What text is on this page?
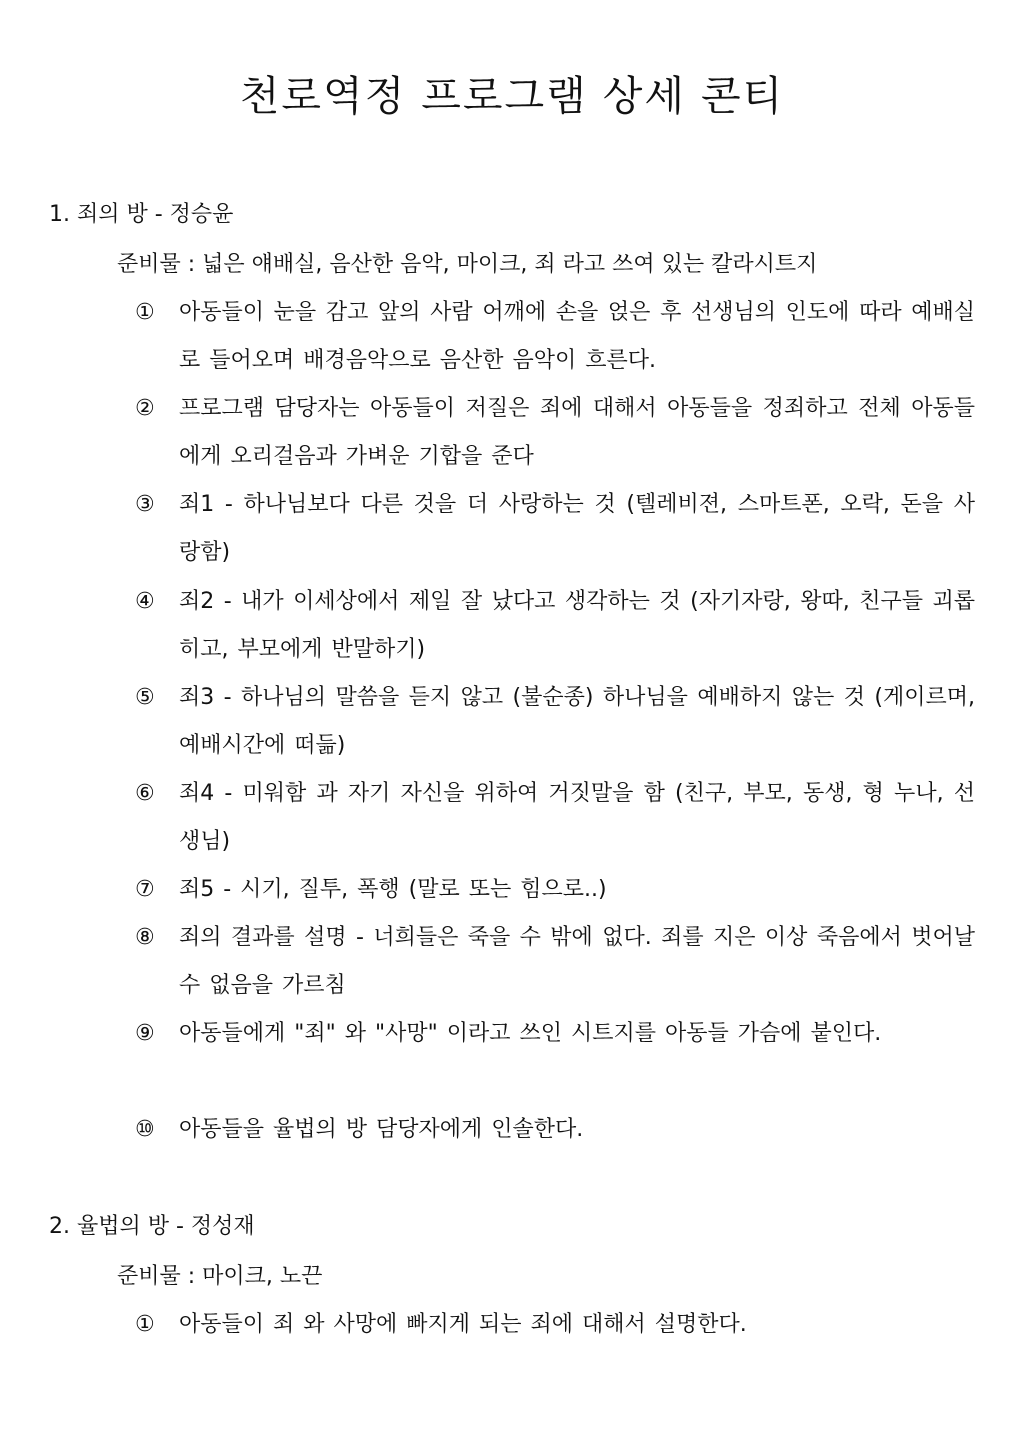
천로역정 프로그램 상세 콘티
1. 죄의 방 - 정승윤
준비물 : 넓은 얘배실, 음산한 음악, 마이크, 죄 라고 쓰여 있는 칼라시트지
①	아동들이 눈을 감고 앞의 사람 어깨에 손을 얹은 후 선생님의 인도에 따라 예배실로 들어오며 배경음악으로 음산한 음악이 흐른다.
②	프로그램 담당자는 아동들이 저질은 죄에 대해서 아동들을 정죄하고 전체 아동들에게 오리걸음과 가벼운 기합을 준다
③	죄1 - 하나님보다 다른 것을 더 사랑하는 것 (텔레비젼, 스마트폰, 오락, 돈을 사랑함)
④	죄2 - 내가 이세상에서 제일 잘 났다고 생각하는 것 (자기자랑, 왕따, 친구들 괴롭히고, 부모에게 반말하기)
⑤	죄3 - 하나님의 말씀을 듣지 않고 (불순종) 하나님을 예배하지 않는 것 (게이르며, 예배시간에 떠듦)
⑥	죄4 - 미워함 과 자기 자신을 위하여 거짓말을 함 (친구, 부모, 동생, 형 누나, 선생님)
⑦	죄5 - 시기, 질투, 폭행 (말로 또는 힘으로..)
⑧	죄의 결과를 설명 - 너희들은 죽을 수 밖에 없다. 죄를 지은 이상 죽음에서 벗어날 수 없음을 가르침
⑨	아동들에게 "죄" 와 "사망" 이라고 쓰인 시트지를 아동들 가슴에 붙인다.
⑩	아동들을 율법의 방 담당자에게 인솔한다.
2. 율법의 방 - 정성재
준비물 : 마이크, 노끈
①	아동들이 죄 와 사망에 빠지게 되는 죄에 대해서 설명한다.
